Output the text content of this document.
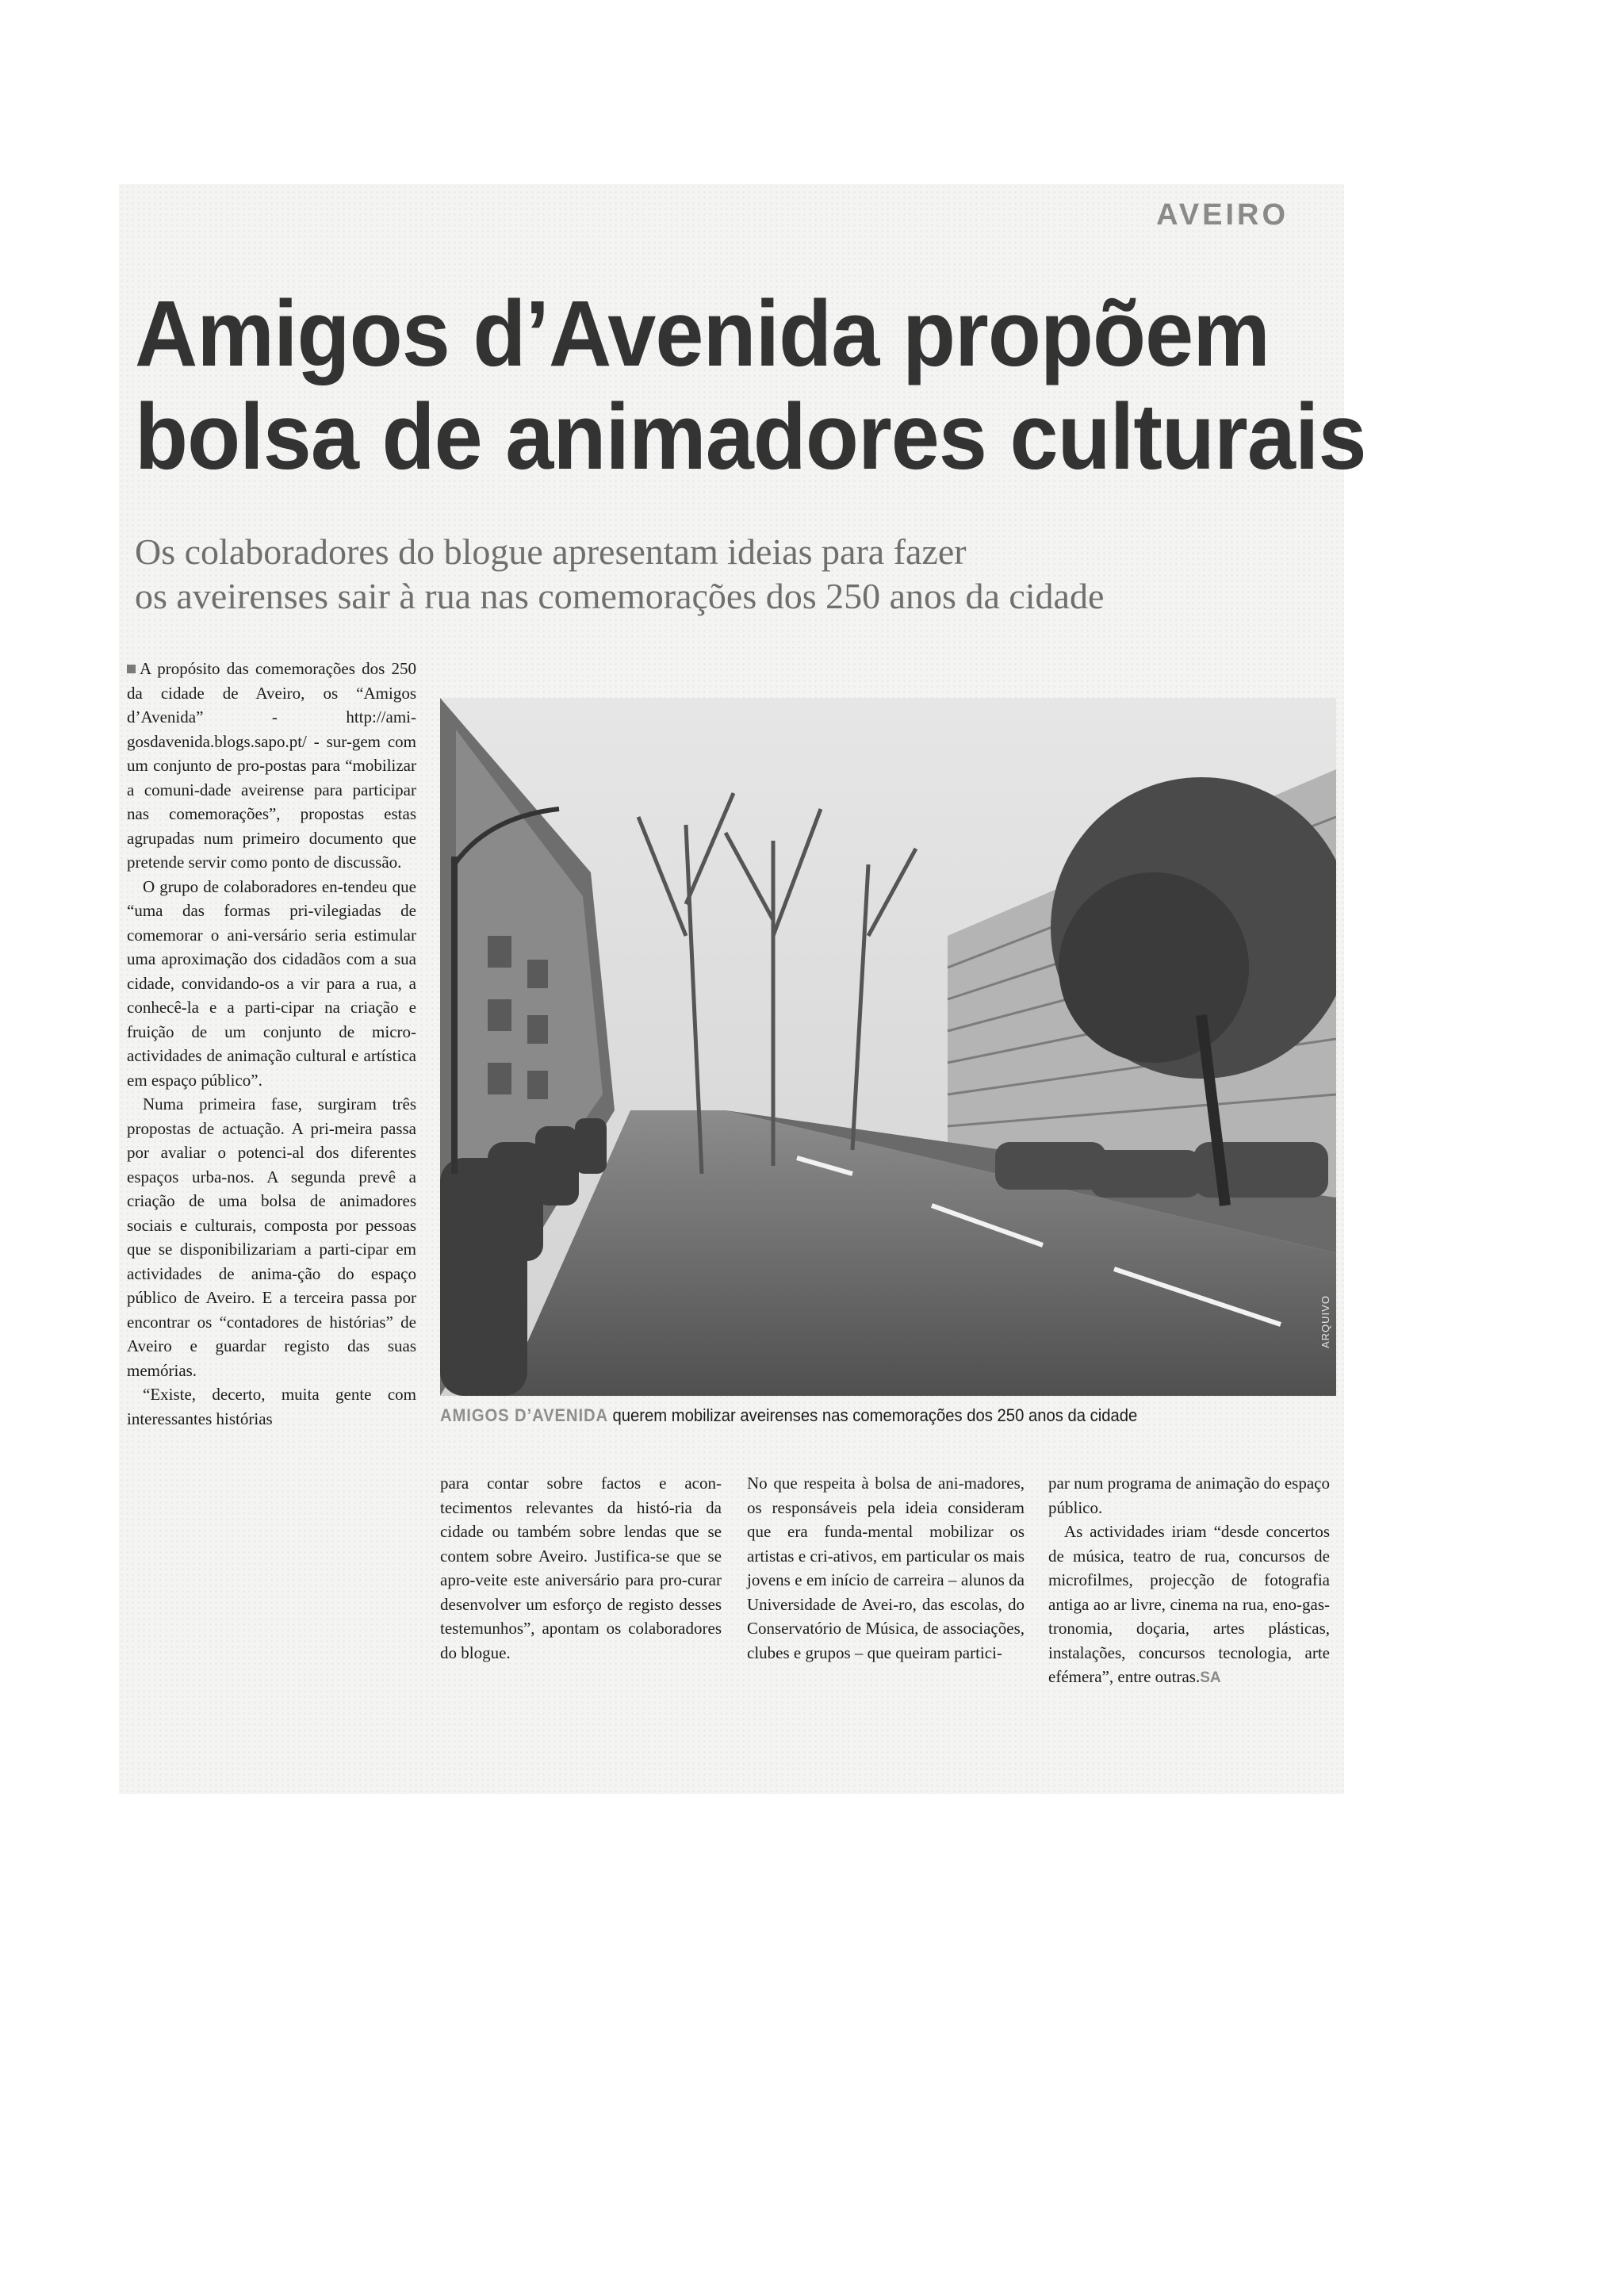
AVEIRO
Amigos d’Avenida propõem
bolsa de animadores culturais
Os colaboradores do blogue apresentam ideias para fazer
os aveirenses sair à rua nas comemorações dos 250 anos da cidade

A propósito das comemorações dos 250 da cidade de Aveiro, os “Amigos d’Avenida” - http://ami-gosdavenida.blogs.sapo.pt/ - sur-gem com um conjunto de pro-postas para “mobilizar a comuni-dade aveirense para participar nas comemorações”, propostas estas agrupadas num primeiro documento que pretende servir como ponto de discussão.

O grupo de colaboradores en-tendeu que “uma das formas pri-vilegiadas de comemorar o ani-versário seria estimular uma aproximação dos cidadãos com a sua cidade, convidando-os a vir para a rua, a conhecê-la e a parti-cipar na criação e fruição de um conjunto de micro-actividades de animação cultural e artística em espaço público”.

Numa primeira fase, surgiram três propostas de actuação. A pri-meira passa por avaliar o potenci-al dos diferentes espaços urba-nos. A segunda prevê a criação de uma bolsa de animadores sociais e culturais, composta por pessoas que se disponibilizariam a parti-cipar em actividades de anima-ção do espaço público de Aveiro. E a terceira passa por encontrar os “contadores de histórias” de Aveiro e guardar registo das suas memórias.

“Existe, decerto, muita gente com interessantes histórias

ARQUIVO
AMIGOS D’AVENIDA querem mobilizar aveirenses nas comemorações dos 250 anos da cidade

para contar sobre factos e acon-tecimentos relevantes da histó-ria da cidade ou também sobre lendas que se contem sobre Aveiro. Justifica-se que se apro-veite este aniversário para pro-curar desenvolver um esforço de registo desses testemunhos”, apontam os colaboradores do blogue.

No que respeita à bolsa de ani-madores, os responsáveis pela ideia consideram que era funda-mental mobilizar os artistas e cri-ativos, em particular os mais jovens e em início de carreira – alunos da Universidade de Avei-ro, das escolas, do Conservatório de Música, de associações, clubes e grupos – que queiram partici-

par num programa de animação do espaço público.

As actividades iriam “desde concertos de música, teatro de rua, concursos de microfilmes, projecção de fotografia antiga ao ar livre, cinema na rua, eno-gas-tronomia, doçaria, artes plásticas, instalações, concursos tecnologia, arte efémera”, entre outras.SA
